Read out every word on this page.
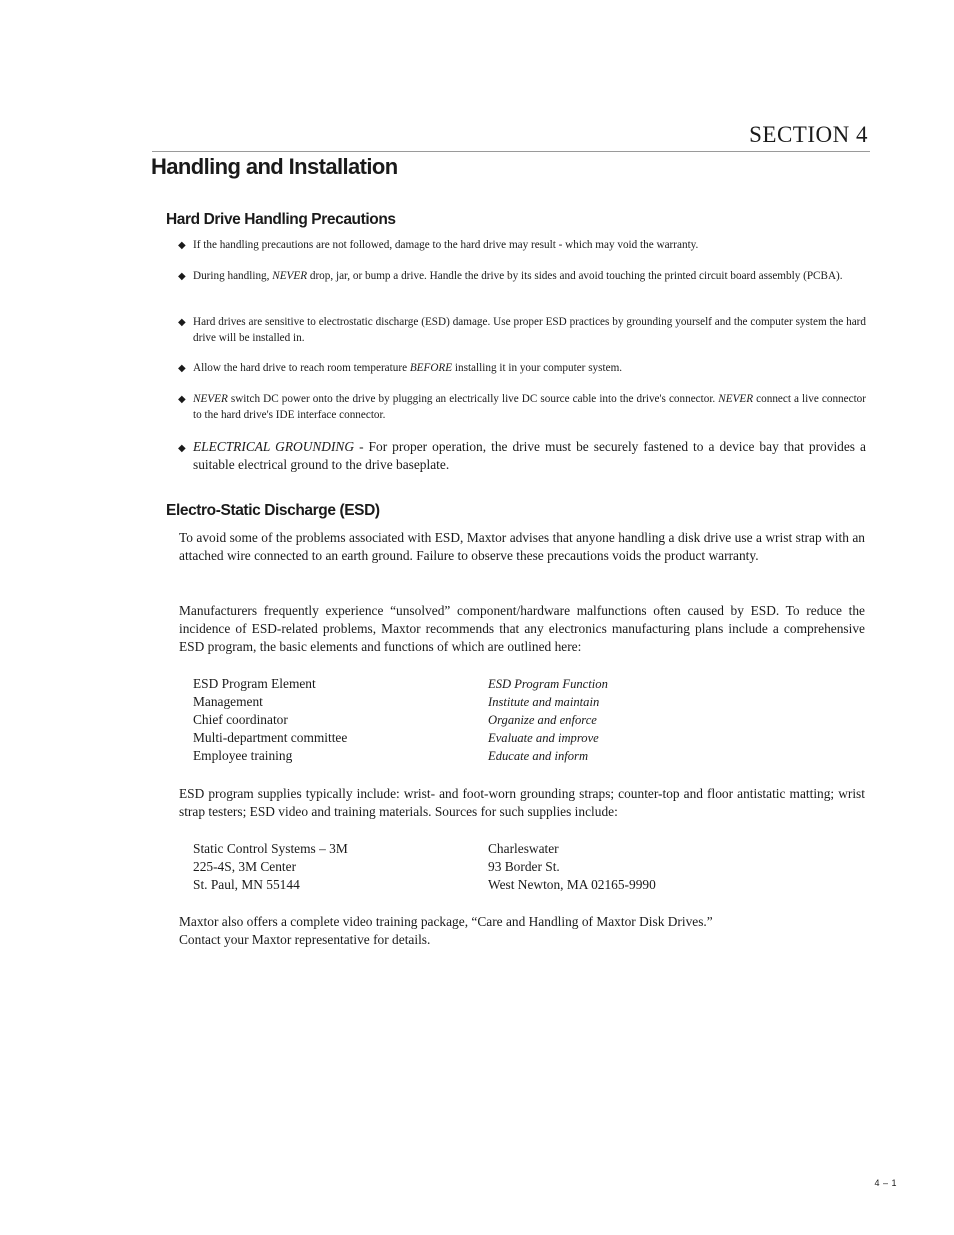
SECTION 4
Handling and Installation
Hard Drive Handling Precautions
◆ If the handling precautions are not followed, damage to the hard drive may result - which may void the warranty.
◆ During handling, NEVER drop, jar, or bump a drive. Handle the drive by its sides and avoid touching the printed circuit board assembly (PCBA).
◆ Hard drives are sensitive to electrostatic discharge (ESD) damage. Use proper ESD practices by grounding yourself and the computer system the hard drive will be installed in.
◆ Allow the hard drive to reach room temperature BEFORE installing it in your computer system.
◆ NEVER switch DC power onto the drive by plugging an electrically live DC source cable into the drive's connector. NEVER connect a live connector to the hard drive's IDE interface connector.
◆ ELECTRICAL GROUNDING - For proper operation, the drive must be securely fastened to a device bay that provides a suitable electrical ground to the drive baseplate.
Electro-Static Discharge (ESD)

To avoid some of the problems associated with ESD, Maxtor advises that anyone handling a disk drive use a wrist strap with an attached wire connected to an earth ground. Failure to observe these precautions voids the product warranty.

Manufacturers frequently experience “unsolved” component/hardware malfunctions often caused by ESD. To reduce the incidence of ESD-related problems, Maxtor recommends that any electronics manufacturing plans include a comprehensive ESD program, the basic elements and functions of which are outlined here:

ESD Program Element	ESD Program Function
Management	Institute and maintain
Chief coordinator	Organize and enforce
Multi-department committee	Evaluate and improve
Employee training	Educate and inform

ESD program supplies typically include: wrist- and foot-worn grounding straps; counter-top and floor antistatic matting; wrist strap testers; ESD video and training materials. Sources for such supplies include:

Static Control Systems – 3M	Charleswater
225-4S, 3M Center	93 Border St.
St. Paul, MN 55144	West Newton, MA 02165-9990
Maxtor also offers a complete video training package, “Care and Handling of Maxtor Disk Drives.”
Contact your Maxtor representative for details.
4 – 1
